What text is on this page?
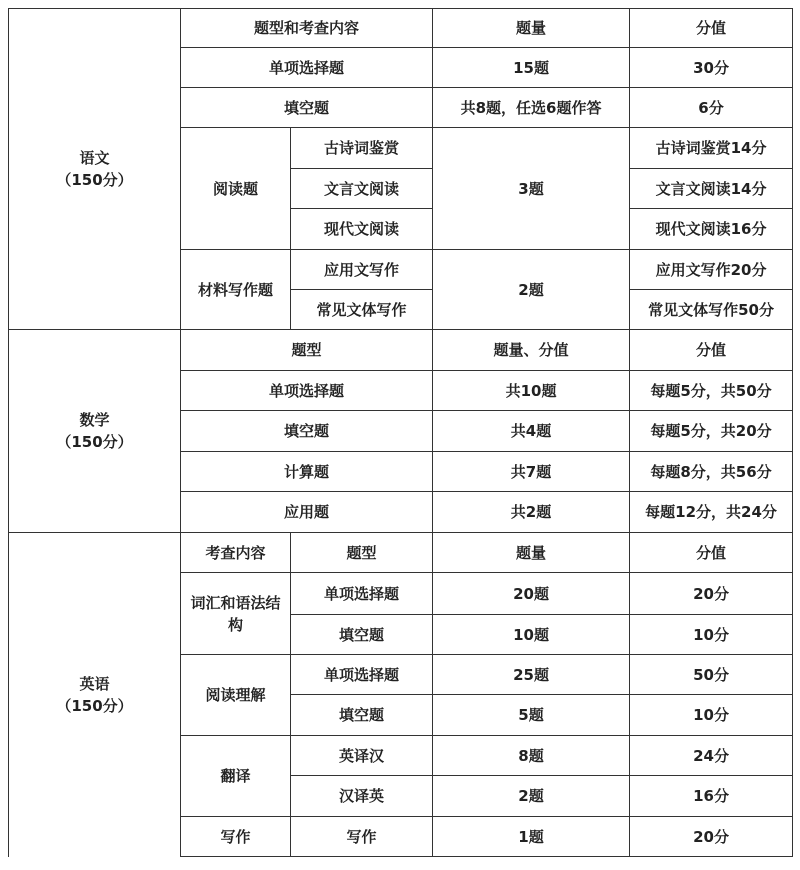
语文
（150分）	题型和考查内容		题量	分值
	单项选择题		15题	30分
	填空题		共8题，任选6题作答	6分
	阅读题	古诗词鉴赏	3题	古诗词鉴赏14分
		文言文阅读		文言文阅读14分
		现代文阅读		现代文阅读16分
	材料写作题	应用文写作	2题	应用文写作20分
		常见文体写作		常见文体写作50分

数学
（150分）	题型		题量、分值	分值
	单项选择题		共10题	每题5分，共50分
	填空题		共4题	每题5分，共20分
	计算题		共7题	每题8分，共56分
	应用题		共2题	每题12分，共24分

英语
（150分）	考查内容	题型	题量	分值
	词汇和语法结构	单项选择题	20题	20分
		填空题	10题	10分
	阅读理解	单项选择题	25题	50分
		填空题	5题	10分
	翻译	英译汉	8题	24分
		汉译英	2题	16分
	写作	写作	1题	20分
